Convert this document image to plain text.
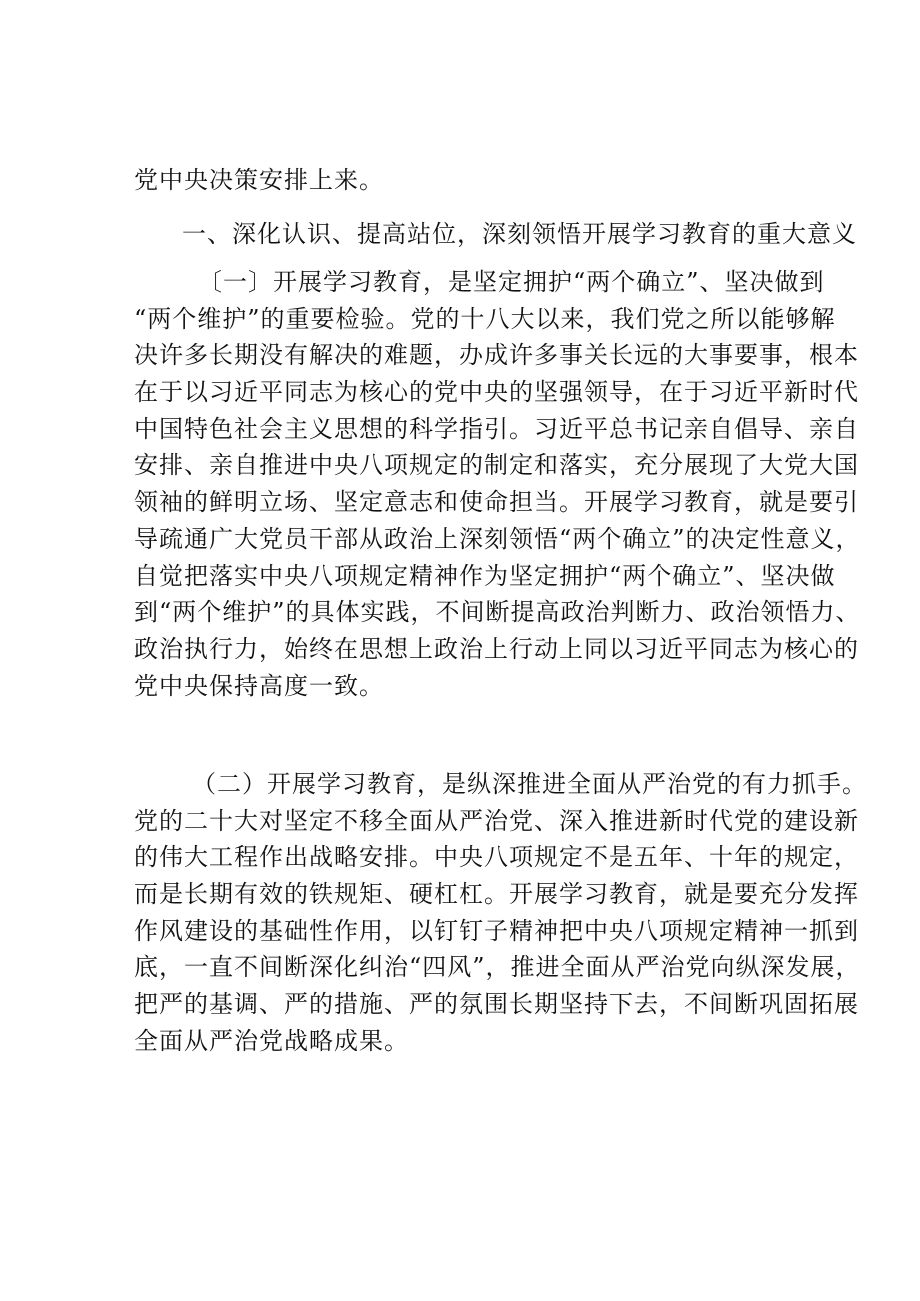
党中央决策安排上来。
一、深化认识、提高站位，深刻领悟开展学习教育的重大意义
〔一〕开展学习教育，是坚定拥护“两个确立”、坚决做到
“两个维护”的重要检验。党的十八大以来，我们党之所以能够解
决许多长期没有解决的难题，办成许多事关长远的大事要事，根本
在于以习近平同志为核心的党中央的坚强领导，在于习近平新时代
中国特色社会主义思想的科学指引。习近平总书记亲自倡导、亲自
安排、亲自推进中央八项规定的制定和落实，充分展现了大党大国
领袖的鲜明立场、坚定意志和使命担当。开展学习教育，就是要引
导疏通广大党员干部从政治上深刻领悟“两个确立”的决定性意义，
自觉把落实中央八项规定精神作为坚定拥护“两个确立”、坚决做
到“两个维护”的具体实践，不间断提高政治判断力、政治领悟力、
政治执行力，始终在思想上政治上行动上同以习近平同志为核心的
党中央保持高度一致。
（二）开展学习教育，是纵深推进全面从严治党的有力抓手。
党的二十大对坚定不移全面从严治党、深入推进新时代党的建设新
的伟大工程作出战略安排。中央八项规定不是五年、十年的规定，
而是长期有效的铁规矩、硬杠杠。开展学习教育，就是要充分发挥
作风建设的基础性作用，以钉钉子精神把中央八项规定精神一抓到
底，一直不间断深化纠治“四风”，推进全面从严治党向纵深发展，
把严的基调、严的措施、严的氛围长期坚持下去，不间断巩固拓展
全面从严治党战略成果。
